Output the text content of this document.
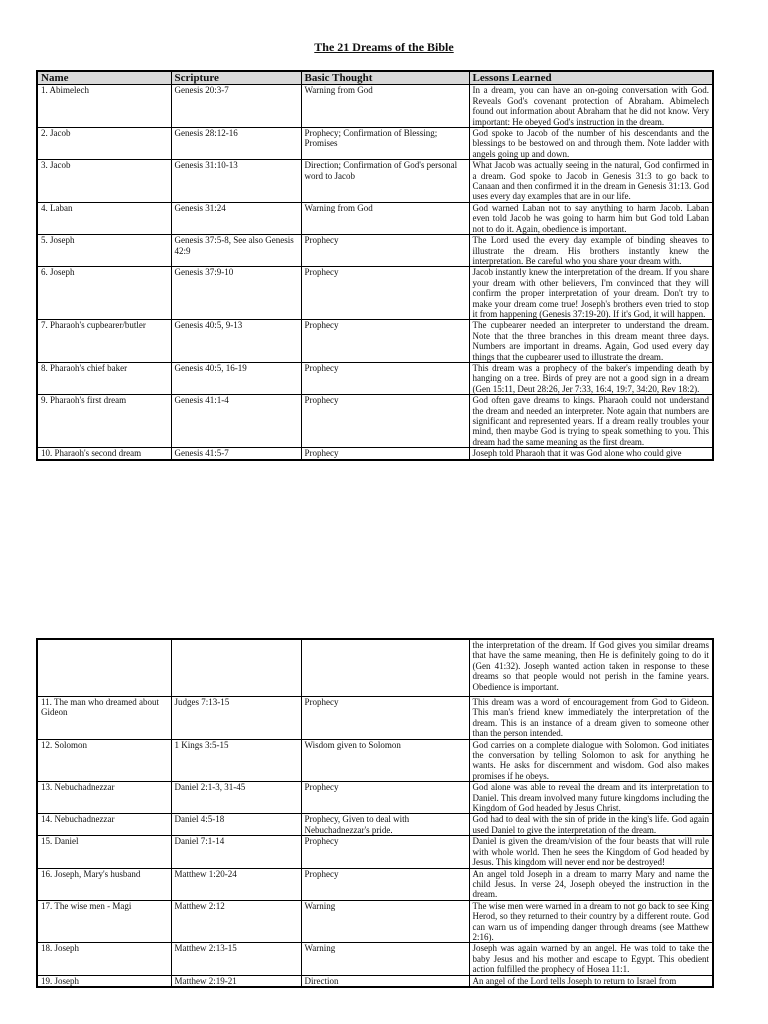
The 21 Dreams of the Bible
Name	Scripture	Basic Thought	Lessons Learned
1. Abimelech	Genesis 20:3-7	Warning from God	In a dream, you can have an on-going conversation with God. Reveals God's covenant protection of Abraham. Abimelech found out information about Abraham that he did not know. Very important: He obeyed God's instruction in the dream.
2. Jacob	Genesis 28:12-16	Prophecy; Confirmation of Blessing; Promises	God spoke to Jacob of the number of his descendants and the blessings to be bestowed on and through them. Note ladder with angels going up and down.
3. Jacob	Genesis 31:10-13	Direction; Confirmation of God's personal word to Jacob	What Jacob was actually seeing in the natural, God confirmed in a dream. God spoke to Jacob in Genesis 31:3 to go back to Canaan and then confirmed it in the dream in Genesis 31:13. God uses every day examples that are in our life.
4. Laban	Genesis 31:24	Warning from God	God warned Laban not to say anything to harm Jacob. Laban even told Jacob he was going to harm him but God told Laban not to do it. Again, obedience is important.
5. Joseph	Genesis 37:5-8, See also Genesis 42:9	Prophecy	The Lord used the every day example of binding sheaves to illustrate the dream. His brothers instantly knew the interpretation. Be careful who you share your dream with.
6. Joseph	Genesis 37:9-10	Prophecy	Jacob instantly knew the interpretation of the dream. If you share your dream with other believers, I'm convinced that they will confirm the proper interpretation of your dream. Don't try to make your dream come true! Joseph's brothers even tried to stop it from happening (Genesis 37:19-20). If it's God, it will happen.
7. Pharaoh's cupbearer/butler	Genesis 40:5, 9-13	Prophecy	The cupbearer needed an interpreter to understand the dream. Note that the three branches in this dream meant three days. Numbers are important in dreams. Again, God used every day things that the cupbearer used to illustrate the dream.
8. Pharaoh's chief baker	Genesis 40:5, 16-19	Prophecy	This dream was a prophecy of the baker's impending death by hanging on a tree. Birds of prey are not a good sign in a dream (Gen 15:11, Deut 28:26, Jer 7:33, 16:4, 19:7, 34:20, Rev 18:2).
9. Pharaoh's first dream	Genesis 41:1-4	Prophecy	God often gave dreams to kings. Pharaoh could not understand the dream and needed an interpreter. Note again that numbers are significant and represented years. If a dream really troubles your mind, then maybe God is trying to speak something to you. This dream had the same meaning as the first dream.
10. Pharaoh's second dream	Genesis 41:5-7	Prophecy	Joseph told Pharaoh that it was God alone who could give
			the interpretation of the dream. If God gives you similar dreams that have the same meaning, then He is definitely going to do it (Gen 41:32). Joseph wanted action taken in response to these dreams so that people would not perish in the famine years. Obedience is important.
11. The man who dreamed about Gideon	Judges 7:13-15	Prophecy	This dream was a word of encouragement from God to Gideon. This man's friend knew immediately the interpretation of the dream. This is an instance of a dream given to someone other than the person intended.
12. Solomon	1 Kings 3:5-15	Wisdom given to Solomon	God carries on a complete dialogue with Solomon. God initiates the conversation by telling Solomon to ask for anything he wants. He asks for discernment and wisdom. God also makes promises if he obeys.
13. Nebuchadnezzar	Daniel 2:1-3, 31-45	Prophecy	God alone was able to reveal the dream and its interpretation to Daniel. This dream involved many future kingdoms including the Kingdom of God headed by Jesus Christ.
14. Nebuchadnezzar	Daniel 4:5-18	Prophecy, Given to deal with Nebuchadnezzar's pride.	God had to deal with the sin of pride in the king's life. God again used Daniel to give the interpretation of the dream.
15. Daniel	Daniel 7:1-14	Prophecy	Daniel is given the dream/vision of the four beasts that will rule with whole world. Then he sees the Kingdom of God headed by Jesus. This kingdom will never end nor be destroyed!
16. Joseph, Mary's husband	Matthew 1:20-24	Prophecy	An angel told Joseph in a dream to marry Mary and name the child Jesus. In verse 24, Joseph obeyed the instruction in the dream.
17. The wise men - Magi	Matthew 2:12	Warning	The wise men were warned in a dream to not go back to see King Herod, so they returned to their country by a different route. God can warn us of impending danger through dreams (see Matthew 2:16).
18. Joseph	Matthew 2:13-15	Warning	Joseph was again warned by an angel. He was told to take the baby Jesus and his mother and escape to Egypt. This obedient action fulfilled the prophecy of Hosea 11:1.
19. Joseph	Matthew 2:19-21	Direction	An angel of the Lord tells Joseph to return to Israel from
